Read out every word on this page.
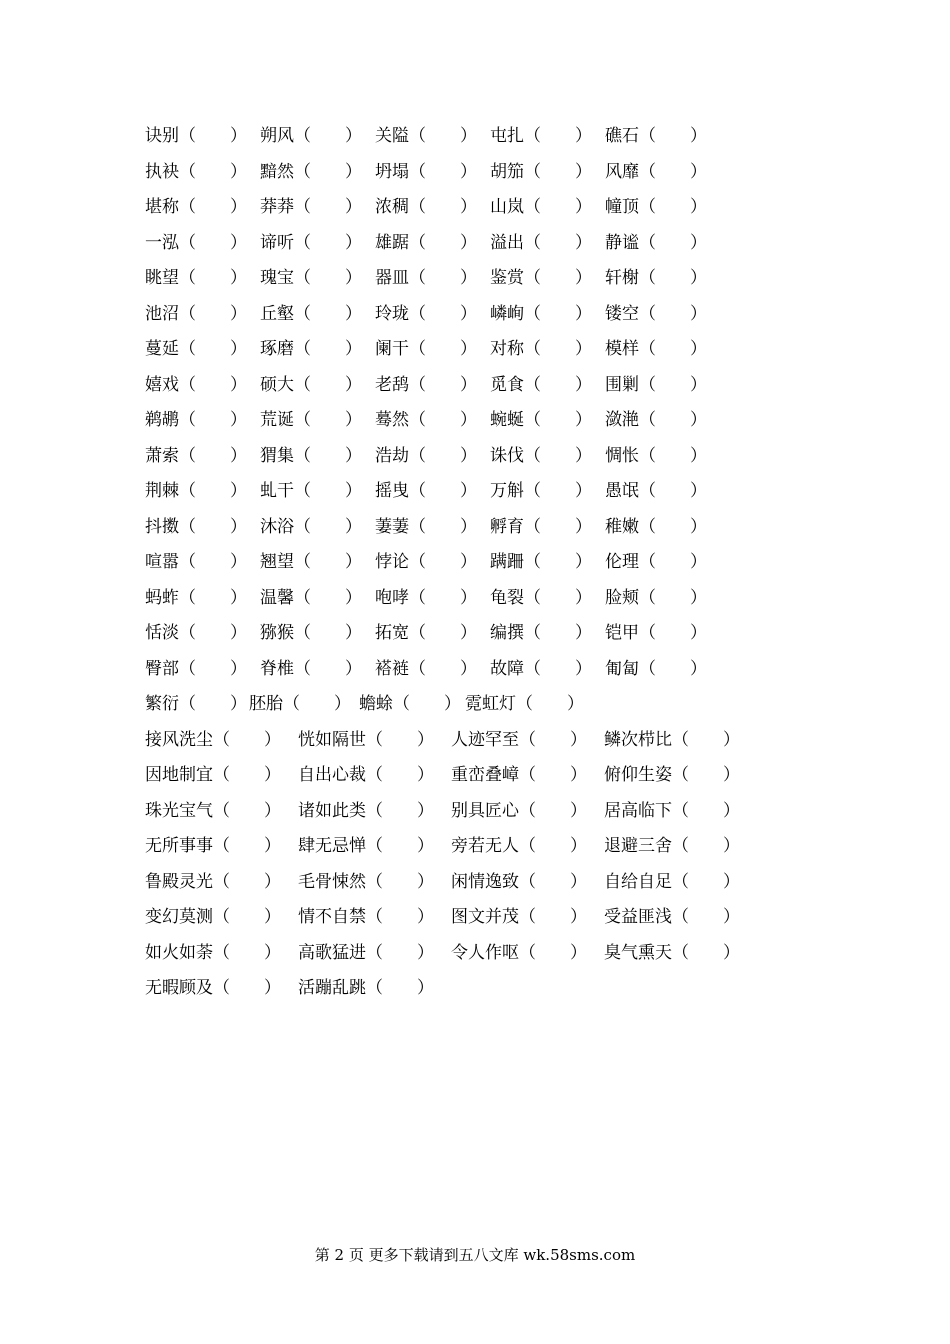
诀别（　　） 朔风（　　） 关隘（　　） 屯扎（　　） 礁石（　　）
执袂（　　） 黯然（　　） 坍塌（　　） 胡笳（　　） 风靡（　　）
堪称（　　） 莽莽（　　） 浓稠（　　） 山岚（　　） 幢顶（　　）
一泓（　　） 谛听（　　） 雄踞（　　） 溢出（　　） 静谧（　　）
眺望（　　） 瑰宝（　　） 器皿（　　） 鉴赏（　　） 轩榭（　　）
池沼（　　） 丘壑（　　） 玲珑（　　） 嶙峋（　　） 镂空（　　）
蔓延（　　） 琢磨（　　） 阑干（　　） 对称（　　） 模样（　　）
嬉戏（　　） 硕大（　　） 老鸹（　　） 觅食（　　） 围剿（　　）
鹈鹕（　　） 荒诞（　　） 蓦然（　　） 蜿蜒（　　） 潋滟（　　）
萧索（　　） 猬集（　　） 浩劫（　　） 诛伐（　　） 惆怅（　　）
荆棘（　　） 虬干（　　） 摇曳（　　） 万斛（　　） 愚氓（　　）
抖擞（　　） 沐浴（　　） 萋萋（　　） 孵育（　　） 稚嫩（　　）
喧嚣（　　） 翘望（　　） 悖论（　　） 蹒跚（　　） 伦理（　　）
蚂蚱（　　） 温馨（　　） 咆哮（　　） 龟裂（　　） 脸颊（　　）
恬淡（　　） 猕猴（　　） 拓宽（　　） 编撰（　　） 铠甲（　　）
臀部（　　） 脊椎（　　） 褡裢（　　） 故障（　　） 匍匐（　　）
繁衍（　　） 胚胎（　　） 蟾蜍（　　） 霓虹灯（　　）
接风洗尘（　　） 恍如隔世（　　） 人迹罕至（　　） 鳞次栉比（　　）
因地制宜（　　） 自出心裁（　　） 重峦叠嶂（　　） 俯仰生姿（　　）
珠光宝气（　　） 诸如此类（　　） 别具匠心（　　） 居高临下（　　）
无所事事（　　） 肆无忌惮（　　） 旁若无人（　　） 退避三舍（　　）
鲁殿灵光（　　） 毛骨悚然（　　） 闲情逸致（　　） 自给自足（　　）
变幻莫测（　　） 情不自禁（　　） 图文并茂（　　） 受益匪浅（　　）
如火如荼（　　） 高歌猛进（　　） 令人作呕（　　） 臭气熏天（　　）
无暇顾及（　　） 活蹦乱跳（　　）
第 2 页 更多下载请到五八文库 wk.58sms.com
